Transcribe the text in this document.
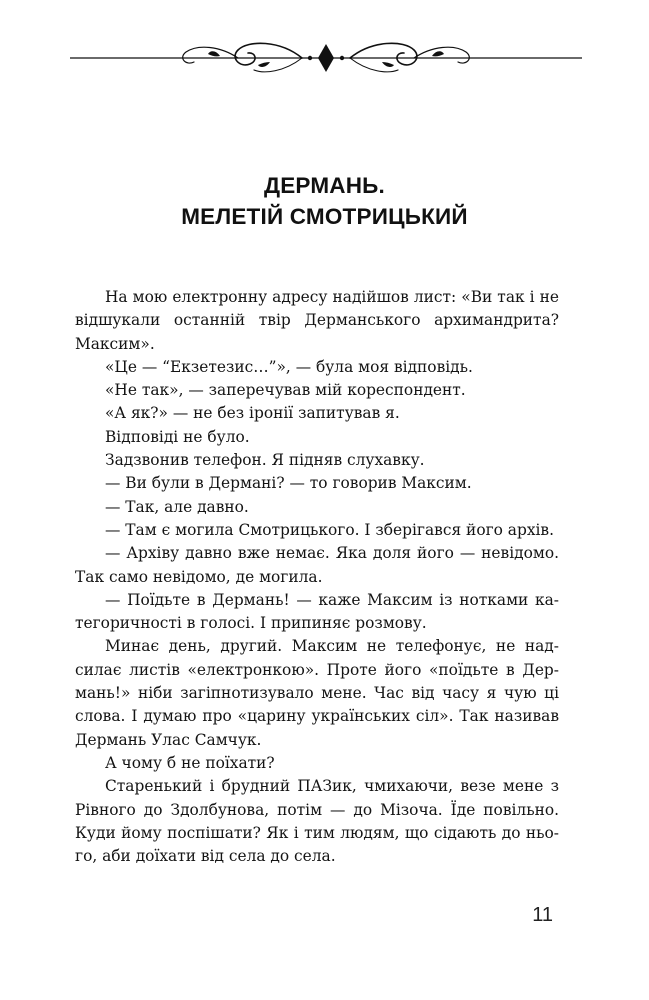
ДЕРМАНЬ.
МЕЛЕТІЙ СМОТРИЦЬКИЙ

На мою електронну адресу надійшов лист: «Ви так і не відшукали останній твір Дерманського архимандрита? Максим».

«Це — “Екзетезис…”», — була моя відповідь.

«Не так», — заперечував мій кореспондент.

«А як?» — не без іронії запитував я.

Відповіді не було.

Задзвонив телефон. Я підняв слухавку.

— Ви були в Дермані? — то говорив Максим.

— Так, але давно.

— Там є могила Смотрицького. І зберігався його архів.

— Архіву давно вже немає. Яка доля його — невідомо. Так само невідомо, де могила.

— Поїдьте в Дермань! — каже Максим із нотками категоричності в голосі. І припиняє розмову.

Минає день, другий. Максим не телефонує, не надсилає листів «електронкою». Проте його «поїдьте в Дермань!» ніби загіпнотизувало мене. Час від часу я чую ці слова. І думаю про «царину українських сіл». Так називав Дермань Улас Самчук.

А чому б не поїхати?

Старенький і брудний ПАЗик, чмихаючи, везе мене з Рівного до Здолбунова, потім — до Мізоча. Їде повільно. Куди йому поспішати? Як і тим людям, що сідають до нього, аби доїхати від села до села.

11
